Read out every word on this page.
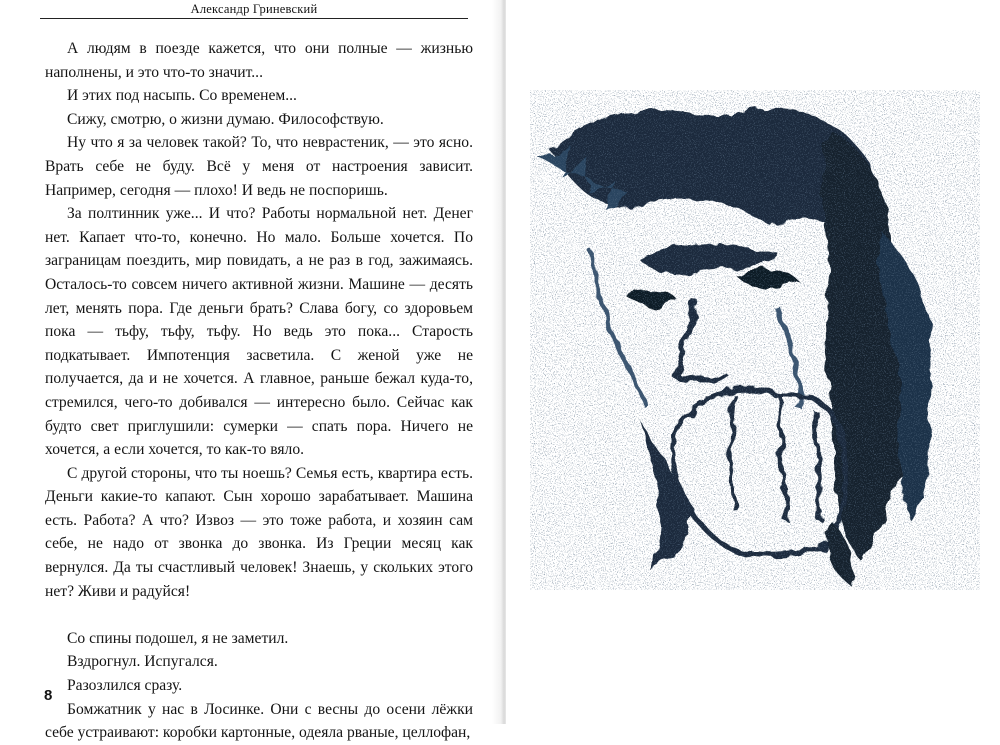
Александр Гриневский

А людям в поезде кажется, что они полные — жизнью наполнены, и это что-то значит...

И этих под насыпь. Со временем...

Сижу, смотрю, о жизни думаю. Философствую.

Ну что я за человек такой? То, что неврастеник, — это ясно. Врать себе не буду. Всё у меня от настроения зависит. Например, сегодня — плохо! И ведь не поспоришь.

За полтинник уже... И что? Работы нормальной нет. Денег нет. Капает что-то, конечно. Но мало. Больше хочется. По заграницам поездить, мир повидать, а не раз в год, зажимаясь. Осталось-то совсем ничего активной жизни. Машине — десять лет, менять пора. Где деньги брать? Слава богу, со здоровьем пока — тьфу, тьфу, тьфу. Но ведь это пока... Старость подкатывает. Импотенция засветила. С женой уже не получается, да и не хочется. А главное, раньше бежал куда-то, стремился, чего-то добивался — интересно было. Сейчас как будто свет приглушили: сумерки — спать пора. Ничего не хочется, а если хочется, то как-то вяло.

С другой стороны, что ты ноешь? Семья есть, квартира есть. Деньги какие-то капают. Сын хорошо зарабатывает. Машина есть. Работа? А что? Извоз — это тоже работа, и хозяин сам себе, не надо от звонка до звонка. Из Греции месяц как вернулся. Да ты счастливый человек! Знаешь, у скольких этого нет? Живи и радуйся!

Со спины подошел, я не заметил.

Вздрогнул. Испугался.

Разозлился сразу.

Бомжатник у нас в Лосинке. Они с весны до осени лёжки себе устраивают: коробки картонные, одеяла рваные, целлофан,

8
